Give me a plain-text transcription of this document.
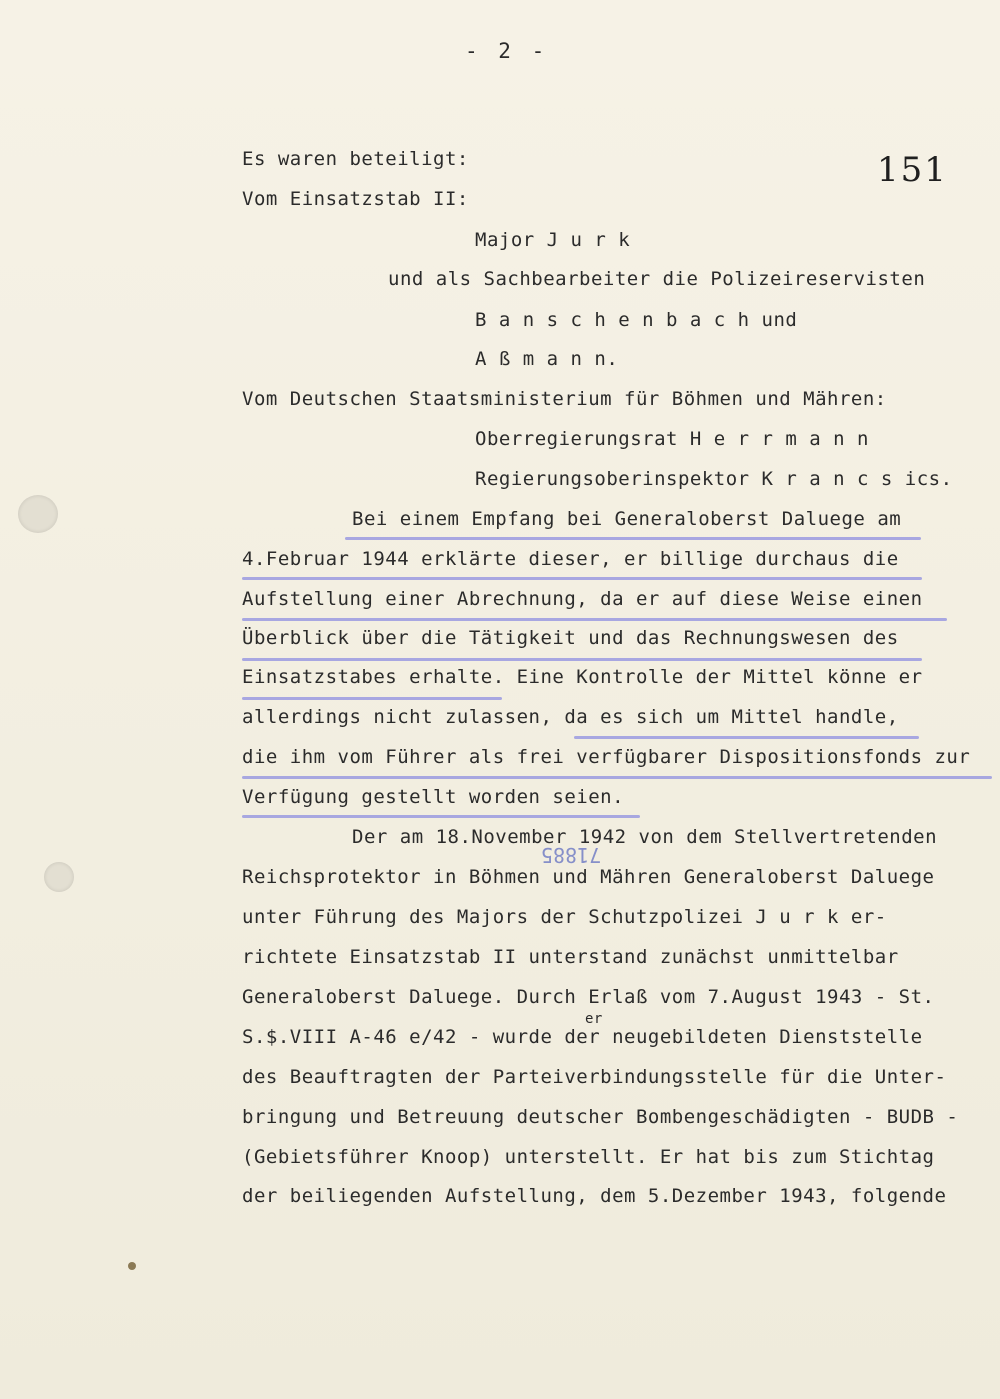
- 2 -
151
Es waren beteiligt:
Vom Einsatzstab II:
Major J u r k
und als Sachbearbeiter die Polizeireservisten
B a n s c h e n b a c h und
A ß m a n n.
Vom Deutschen Staatsministerium für Böhmen und Mähren:
Oberregierungsrat H e r r m a n n
Regierungsoberinspektor K r a n c s ics.
Bei einem Empfang bei Generaloberst Daluege am
4.Februar 1944 erklärte dieser, er billige durchaus die
Aufstellung einer Abrechnung, da er auf diese Weise einen
Überblick über die Tätigkeit und das Rechnungswesen des
Einsatzstabes erhalte. Eine Kontrolle der Mittel könne er
allerdings nicht zulassen, da es sich um Mittel handle,
die ihm vom Führer als frei verfügbarer Dispositionsfonds zur
Verfügung gestellt worden seien.
Der am 18.November 1942 von dem Stellvertretenden
71885
Reichsprotektor in Böhmen und Mähren Generaloberst Daluege
unter Führung des Majors der Schutzpolizei J u r k er-
richtete Einsatzstab II unterstand zunächst unmittelbar
Generaloberst Daluege. Durch Erlaß vom 7.August 1943 - St.
er
S.$.VIII A-46 e/42 - wurde der neugebildeten Dienststelle
des Beauftragten der Parteiverbindungsstelle für die Unter-
bringung und Betreuung deutscher Bombengeschädigten - BUDB -
(Gebietsführer Knoop) unterstellt. Er hat bis zum Stichtag
der beiliegenden Aufstellung, dem 5.Dezember 1943, folgende
